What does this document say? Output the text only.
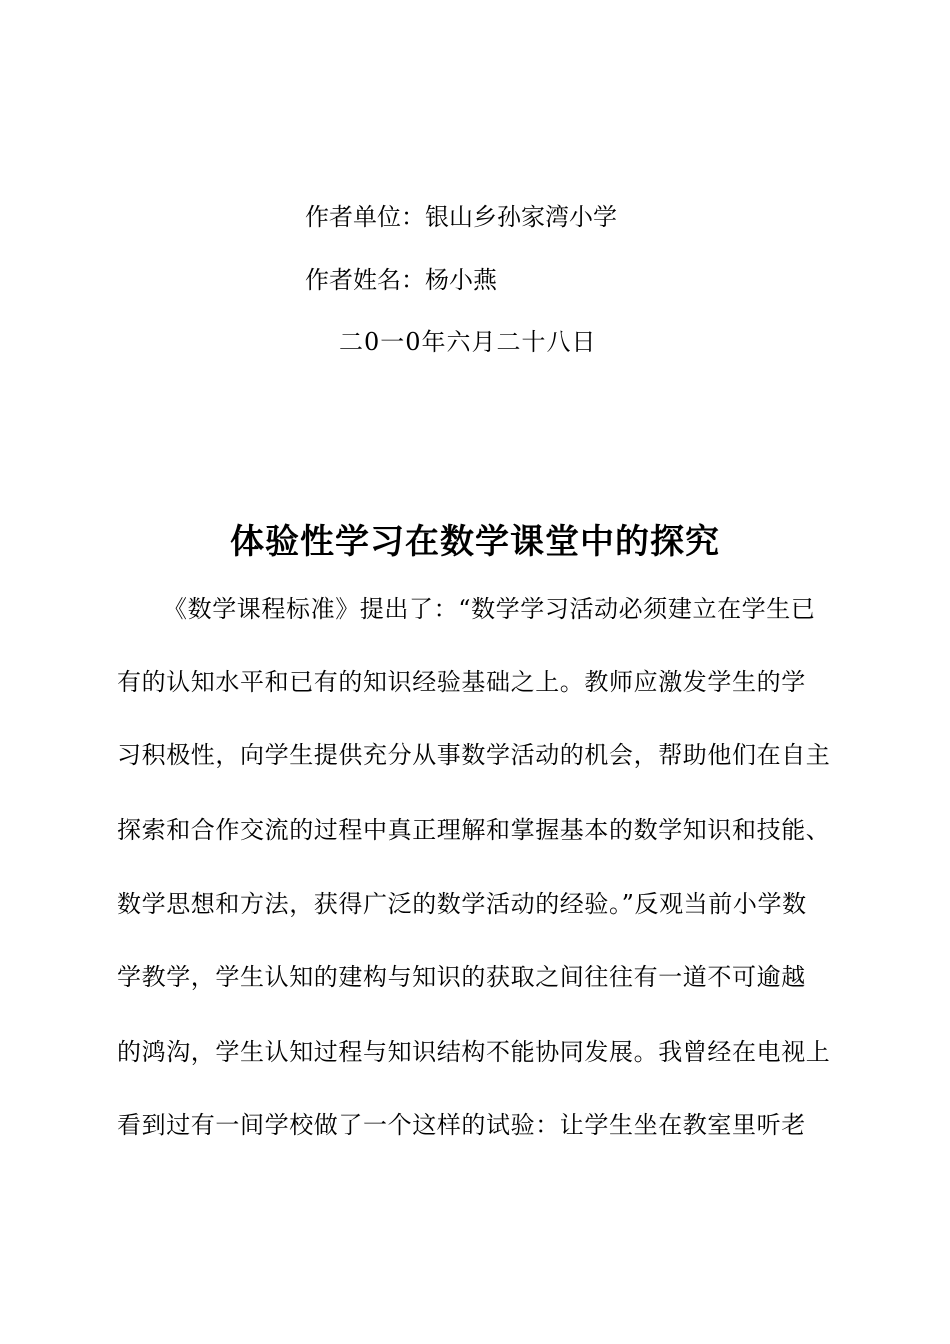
作者单位：银山乡孙家湾小学
作者姓名：杨小燕
二0一0年六月二十八日
体验性学习在数学课堂中的探究
《数学课程标准》提出了：“数学学习活动必须建立在学生已
有的认知水平和已有的知识经验基础之上。教师应激发学生的学
习积极性，向学生提供充分从事数学活动的机会，帮助他们在自主
探索和合作交流的过程中真正理解和掌握基本的数学知识和技能、
数学思想和方法，获得广泛的数学活动的经验。”反观当前小学数
学教学，学生认知的建构与知识的获取之间往往有一道不可逾越
的鸿沟，学生认知过程与知识结构不能协同发展。我曾经在电视上
看到过有一间学校做了一个这样的试验：让学生坐在教室里听老
